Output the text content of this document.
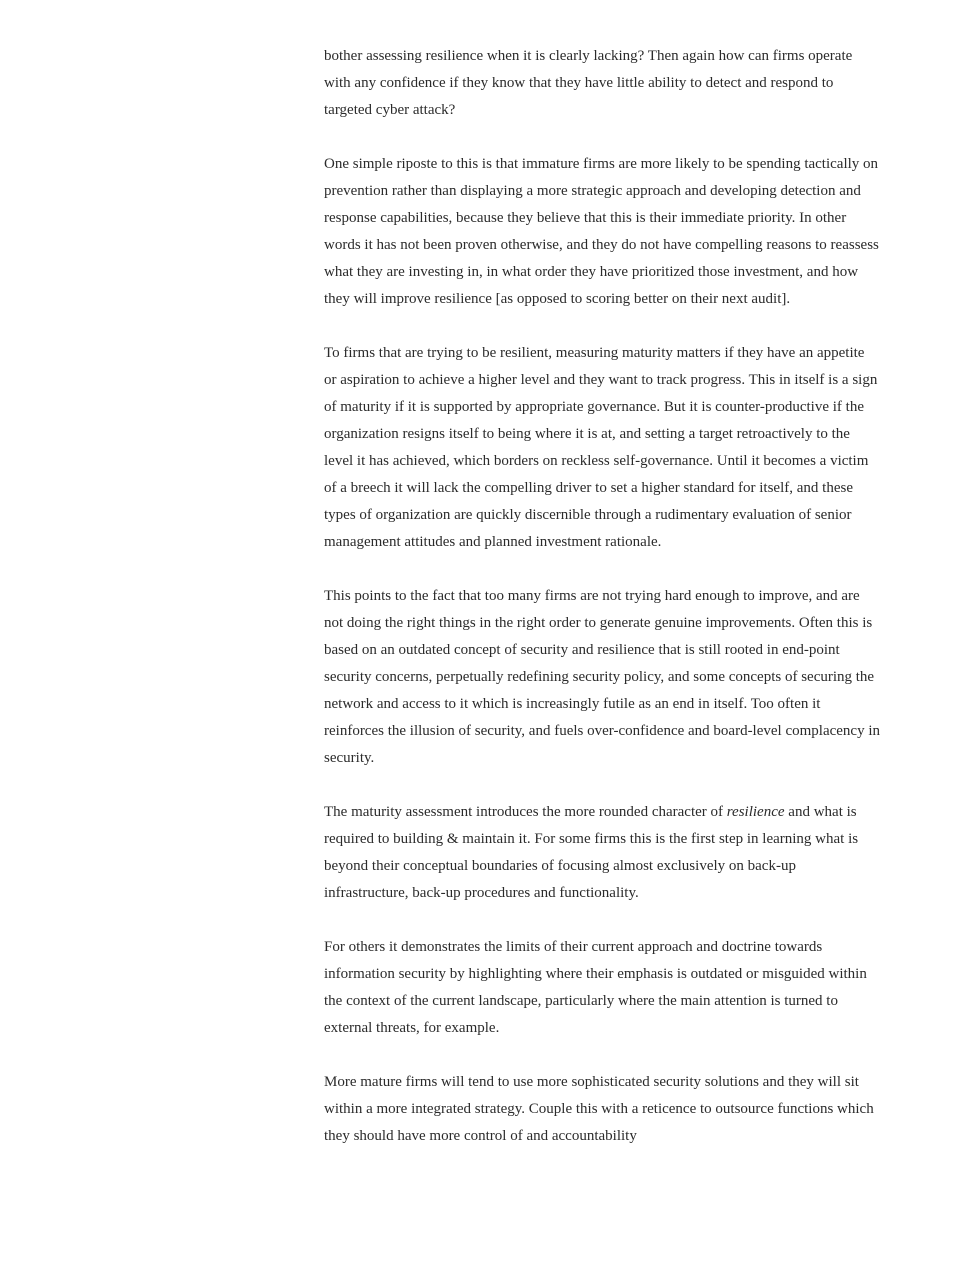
bother assessing resilience when it is clearly lacking? Then again how can firms operate with any confidence if they know that they have little ability to detect and respond to targeted cyber attack?

One simple riposte to this is that immature firms are more likely to be spending tactically on prevention rather than displaying a more strategic approach and developing detection and response capabilities, because they believe that this is their immediate priority. In other words it has not been proven otherwise, and they do not have compelling reasons to reassess what they are investing in, in what order they have prioritized those investment, and how they will improve resilience [as opposed to scoring better on their next audit].

To firms that are trying to be resilient, measuring maturity matters if they have an appetite or aspiration to achieve a higher level and they want to track progress. This in itself is a sign of maturity if it is supported by appropriate governance. But it is counter-productive if the organization resigns itself to being where it is at, and setting a target retroactively to the level it has achieved, which borders on reckless self-governance. Until it becomes a victim of a breech it will lack the compelling driver to set a higher standard for itself, and these types of organization are quickly discernible through a rudimentary evaluation of senior management attitudes and planned investment rationale.

This points to the fact that too many firms are not trying hard enough to improve, and are not doing the right things in the right order to generate genuine improvements. Often this is based on an outdated concept of security and resilience that is still rooted in end-point security concerns, perpetually redefining security policy, and some concepts of securing the network and access to it which is increasingly futile as an end in itself. Too often it reinforces the illusion of security, and fuels over-confidence and board-level complacency in security.

The maturity assessment introduces the more rounded character of resilience and what is required to building & maintain it. For some firms this is the first step in learning what is beyond their conceptual boundaries of focusing almost exclusively on back-up infrastructure, back-up procedures and functionality.

For others it demonstrates the limits of their current approach and doctrine towards information security by highlighting where their emphasis is outdated or misguided within the context of the current landscape, particularly where the main attention is turned to external threats, for example.

More mature firms will tend to use more sophisticated security solutions and they will sit within a more integrated strategy. Couple this with a reticence to outsource functions which they should have more control of and accountability
